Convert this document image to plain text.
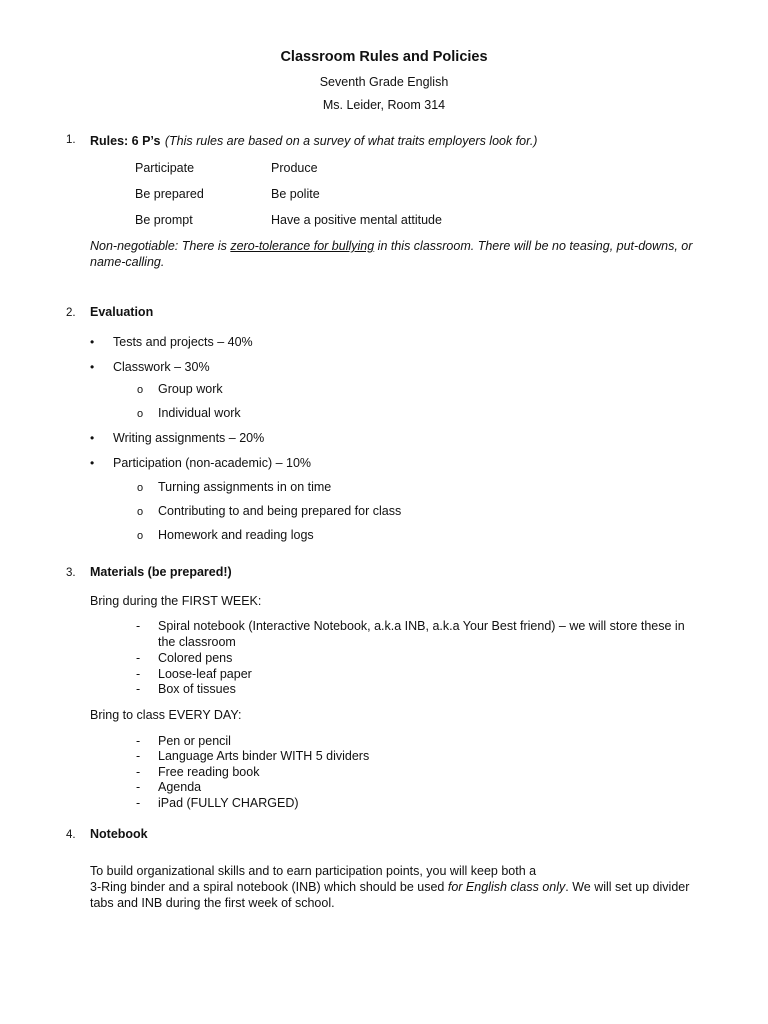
Classroom Rules and Policies
Seventh Grade English
Ms. Leider, Room 314
1. Rules: 6 P’s (This rules are based on a survey of what traits employers look for.)
Participate	Produce
Be prepared	Be polite
Be prompt	Have a positive mental attitude
Non-negotiable: There is zero-tolerance for bullying in this classroom. There will be no teasing, put-downs, or
name-calling.
2. Evaluation
• Tests and projects – 40%
• Classwork – 30%
o Group work
o Individual work
• Writing assignments – 20%
• Participation (non-academic) – 10%
o Turning assignments in on time
o Contributing to and being prepared for class
o Homework and reading logs
3. Materials (be prepared!)
Bring during the FIRST WEEK:
- Spiral notebook (Interactive Notebook, a.k.a INB, a.k.a Your Best friend) – we will store these in
the classroom
- Colored pens
- Loose-leaf paper
- Box of tissues
Bring to class EVERY DAY:
- Pen or pencil
- Language Arts binder WITH 5 dividers
- Free reading book
- Agenda
- iPad (FULLY CHARGED)
4. Notebook
To build organizational skills and to earn participation points, you will keep both a
3-Ring binder and a spiral notebook (INB) which should be used for English class only. We will set up divider
tabs and INB during the first week of school.
